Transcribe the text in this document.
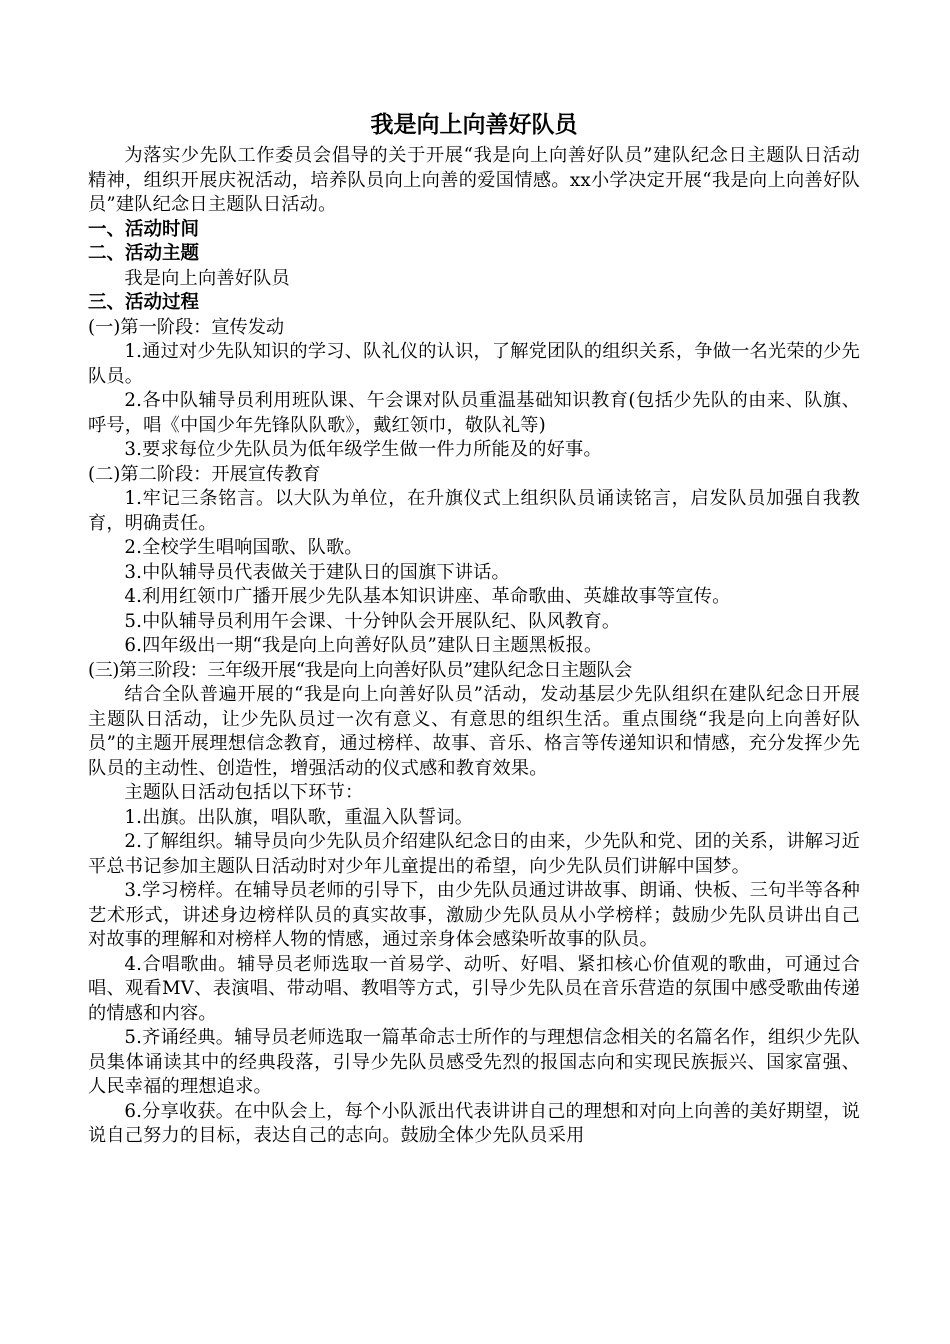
我是向上向善好队员

为落实少先队工作委员会倡导的关于开展“我是向上向善好队员”建队纪念日主题队日活动精神，组织开展庆祝活动，培养队员向上向善的爱国情感。xx小学决定开展“我是向上向善好队员”建队纪念日主题队日活动。

一、活动时间
二、活动主题

我是向上向善好队员

三、活动过程
(一)第一阶段：宣传发动

1.通过对少先队知识的学习、队礼仪的认识，了解党团队的组织关系，争做一名光荣的少先队员。

2.各中队辅导员利用班队课、午会课对队员重温基础知识教育(包括少先队的由来、队旗、呼号，唱《中国少年先锋队队歌》，戴红领巾，敬队礼等)

3.要求每位少先队员为低年级学生做一件力所能及的好事。

(二)第二阶段：开展宣传教育

1.牢记三条铭言。以大队为单位，在升旗仪式上组织队员诵读铭言，启发队员加强自我教育，明确责任。

2.全校学生唱响国歌、队歌。

3.中队辅导员代表做关于建队日的国旗下讲话。

4.利用红领巾广播开展少先队基本知识讲座、革命歌曲、英雄故事等宣传。

5.中队辅导员利用午会课、十分钟队会开展队纪、队风教育。

6.四年级出一期“我是向上向善好队员”建队日主题黑板报。

(三)第三阶段：三年级开展“我是向上向善好队员”建队纪念日主题队会

结合全队普遍开展的“我是向上向善好队员”活动，发动基层少先队组织在建队纪念日开展主题队日活动，让少先队员过一次有意义、有意思的组织生活。重点围绕“我是向上向善好队员”的主题开展理想信念教育，通过榜样、故事、音乐、格言等传递知识和情感，充分发挥少先队员的主动性、创造性，增强活动的仪式感和教育效果。

主题队日活动包括以下环节：

1.出旗。出队旗，唱队歌，重温入队誓词。

2.了解组织。辅导员向少先队员介绍建队纪念日的由来，少先队和党、团的关系，讲解习近平总书记参加主题队日活动时对少年儿童提出的希望，向少先队员们讲解中国梦。

3.学习榜样。在辅导员老师的引导下，由少先队员通过讲故事、朗诵、快板、三句半等各种艺术形式，讲述身边榜样队员的真实故事，激励少先队员从小学榜样；鼓励少先队员讲出自己对故事的理解和对榜样人物的情感，通过亲身体会感染听故事的队员。

4.合唱歌曲。辅导员老师选取一首易学、动听、好唱、紧扣核心价值观的歌曲，可通过合唱、观看MV、表演唱、带动唱、教唱等方式，引导少先队员在音乐营造的氛围中感受歌曲传递的情感和内容。

5.齐诵经典。辅导员老师选取一篇革命志士所作的与理想信念相关的名篇名作，组织少先队员集体诵读其中的经典段落，引导少先队员感受先烈的报国志向和实现民族振兴、国家富强、人民幸福的理想追求。

6.分享收获。在中队会上，每个小队派出代表讲讲自己的理想和对向上向善的美好期望，说说自己努力的目标，表达自己的志向。鼓励全体少先队员采用
